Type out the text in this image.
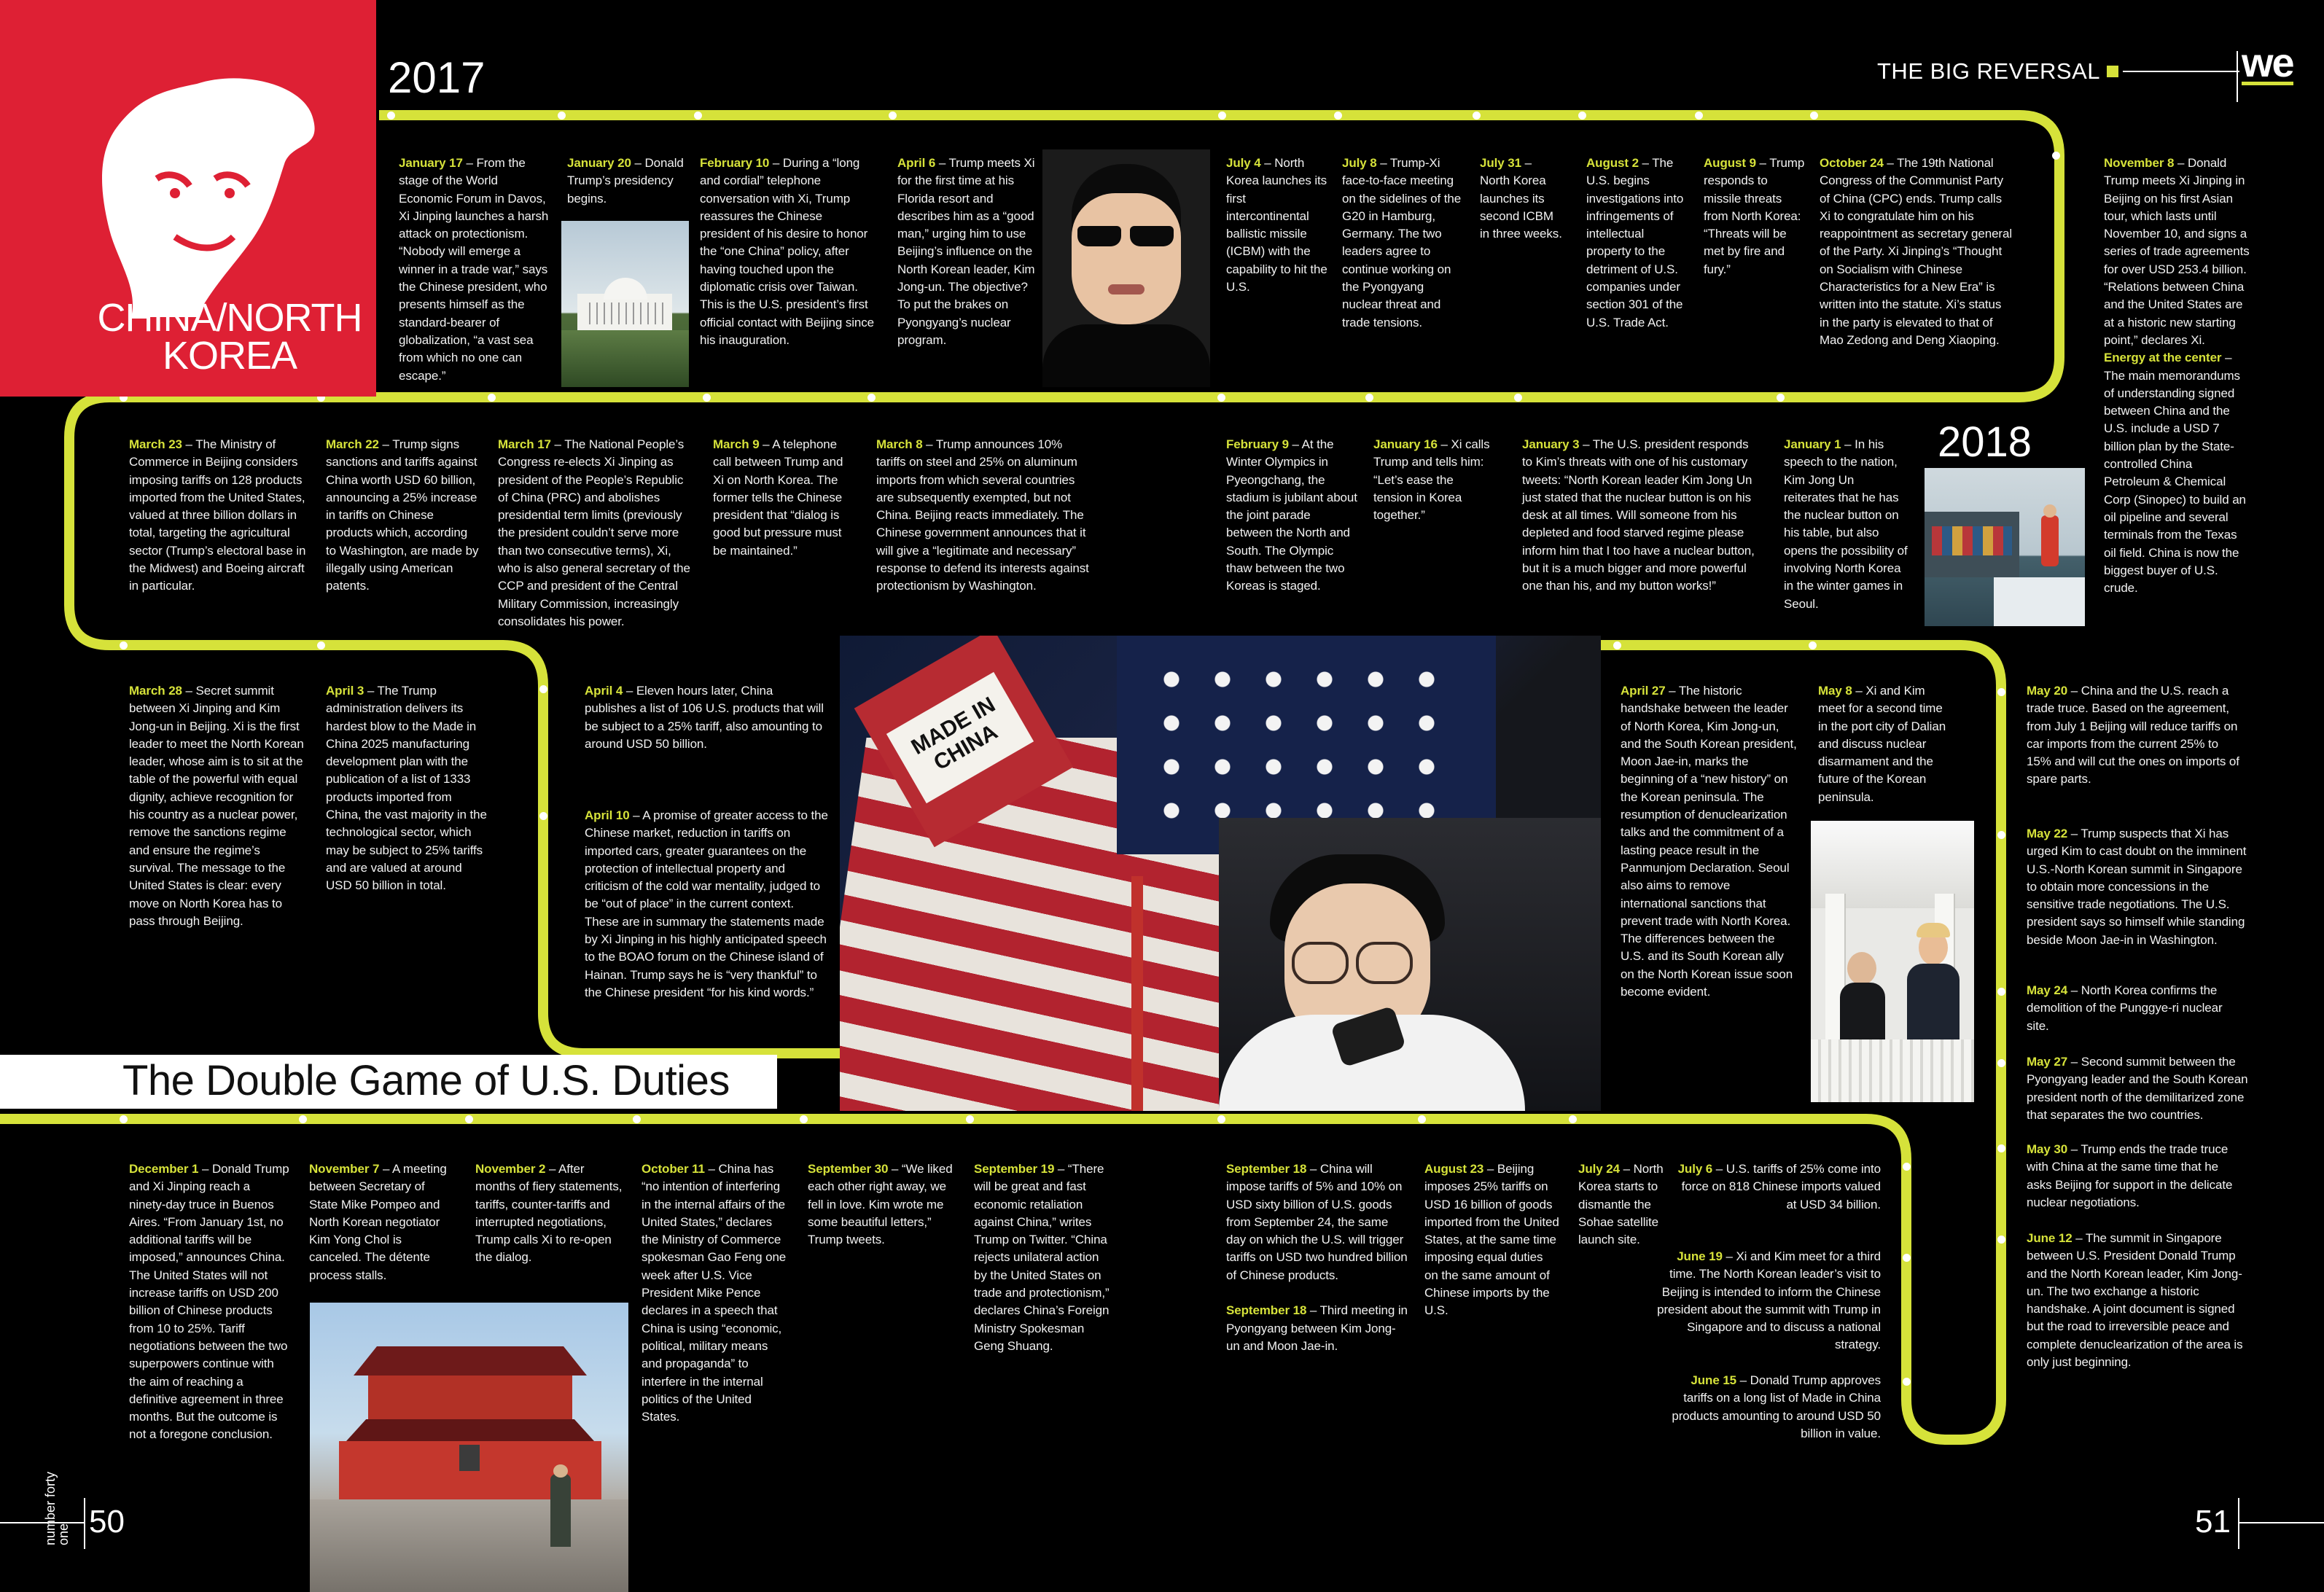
CHINA/NORTH KOREA
2017	THE BIG REVERSAL	we
2018
January 17 – From the stage of the World Economic Forum in Davos, Xi Jinping launches a harsh attack on protectionism. “Nobody will emerge a winner in a trade war,” says the Chinese president, who presents himself as the standard-bearer of globalization, “a vast sea from which no one can escape.”
January 20 – Donald Trump’s presidency begins.
February 10 – During a “long and cordial” telephone conversation with Xi, Trump reassures the Chinese president of his desire to honor the “one China” policy, after having touched upon the diplomatic crisis over Taiwan. This is the U.S. president’s first official contact with Beijing since his inauguration.
April 6 – Trump meets Xi for the first time at his Florida resort and describes him as a “good man,” urging him to use Beijing’s influence on the North Korean leader, Kim Jong-un. The objective? To put the brakes on Pyongyang’s nuclear program.
July 4 – North Korea launches its first intercontinental ballistic missile (ICBM) with the capability to hit the U.S.
July 8 – Trump-Xi face-to-face meeting on the sidelines of the G20 in Hamburg, Germany. The two leaders agree to continue working on the Pyongyang nuclear threat and trade tensions.
July 31 – North Korea launches its second ICBM in three weeks.
August 2 – The U.S. begins investigations into infringements of intellectual property to the detriment of U.S. companies under section 301 of the U.S. Trade Act.
August 9 – Trump responds to missile threats from North Korea: “Threats will be met by fire and fury.”
October 24 – The 19th National Congress of the Communist Party of China (CPC) ends. Trump calls Xi to congratulate him on his reappointment as secretary general of the Party. Xi Jinping’s “Thought on Socialism with Chinese Characteristics for a New Era” is written into the statute. Xi’s status in the party is elevated to that of Mao Zedong and Deng Xiaoping.
November 8 – Donald Trump meets Xi Jinping in Beijing on his first Asian tour, which lasts until November 10, and signs a series of trade agreements for over USD 253.4 billion. “Relations between China and the United States are at a historic new starting point,” declares Xi. Energy at the center – The main memorandums of understanding signed between China and the U.S. include a USD 7 billion plan by the State-controlled China Petroleum & Chemical Corp (Sinopec) to build an oil pipeline and several terminals from the Texas oil field. China is now the biggest buyer of U.S. crude.
March 23 – The Ministry of Commerce in Beijing considers imposing tariffs on 128 products imported from the United States, valued at three billion dollars in total, targeting the agricultural sector (Trump’s electoral base in the Midwest) and Boeing aircraft in particular.
March 22 – Trump signs sanctions and tariffs against China worth USD 60 billion, announcing a 25% increase in tariffs on Chinese products which, according to Washington, are made by illegally using American patents.
March 17 – The National People’s Congress re-elects Xi Jinping as president of the People’s Republic of China (PRC) and abolishes presidential term limits (previously the president couldn’t serve more than two consecutive terms), Xi, who is also general secretary of the CCP and president of the Central Military Commission, increasingly consolidates his power.
March 9 – A telephone call between Trump and Xi on North Korea. The former tells the Chinese president that “dialog is good but pressure must be maintained.”
March 8 – Trump announces 10% tariffs on steel and 25% on aluminum imports from which several countries are subsequently exempted, but not China. Beijing reacts immediately. The Chinese government announces that it will give a “legitimate and necessary” response to defend its interests against protectionism by Washington.
February 9 – At the Winter Olympics in Pyeongchang, the stadium is jubilant about the joint parade between the North and South. The Olympic thaw between the two Koreas is staged.
January 16 – Xi calls Trump and tells him: “Let’s ease the tension in Korea together.”
January 3 – The U.S. president responds to Kim’s threats with one of his customary tweets: “North Korean leader Kim Jong Un just stated that the nuclear button is on his desk at all times. Will someone from his depleted and food starved regime please inform him that I too have a nuclear button, but it is a much bigger and more powerful one than his, and my button works!”
January 1 – In his speech to the nation, Kim Jong Un reiterates that he has the nuclear button on his table, but also opens the possibility of involving North Korea in the winter games in Seoul.
March 28 – Secret summit between Xi Jinping and Kim Jong-un in Beijing. Xi is the first leader to meet the North Korean leader, whose aim is to sit at the table of the powerful with equal dignity, achieve recognition for his country as a nuclear power, remove the sanctions regime and ensure the regime’s survival. The message to the United States is clear: every move on North Korea has to pass through Beijing.
April 3 – The Trump administration delivers its hardest blow to the Made in China 2025 manufacturing development plan with the publication of a list of 1333 products imported from China, the vast majority in the technological sector, which may be subject to 25% tariffs and are valued at around USD 50 billion in total.
April 4 – Eleven hours later, China publishes a list of 106 U.S. products that will be subject to a 25% tariff, also amounting to around USD 50 billion.
April 10 – A promise of greater access to the Chinese market, reduction in tariffs on imported cars, greater guarantees on the protection of intellectual property and criticism of the cold war mentality, judged to be “out of place” in the current context. These are in summary the statements made by Xi Jinping in his highly anticipated speech to the BOAO forum on the Chinese island of Hainan. Trump says he is “very thankful” to the Chinese president “for his kind words.”
April 27 – The historic handshake between the leader of North Korea, Kim Jong-un, and the South Korean president, Moon Jae-in, marks the beginning of a “new history” on the Korean peninsula. The resumption of denuclearization talks and the commitment of a lasting peace result in the Panmunjom Declaration. Seoul also aims to remove international sanctions that prevent trade with North Korea. The differences between the U.S. and its South Korean ally on the North Korean issue soon become evident.
May 8 – Xi and Kim meet for a second time in the port city of Dalian and discuss nuclear disarmament and the future of the Korean peninsula.
May 20 – China and the U.S. reach a trade truce. Based on the agreement, from July 1 Beijing will reduce tariffs on car imports from the current 25% to 15% and will cut the ones on imports of spare parts.
May 22 – Trump suspects that Xi has urged Kim to cast doubt on the imminent U.S.-North Korean summit in Singapore to obtain more concessions in the sensitive trade negotiations. The U.S. president says so himself while standing beside Moon Jae-in in Washington.
May 24 – North Korea confirms the demolition of the Punggye-ri nuclear site.
May 27 – Second summit between the Pyongyang leader and the South Korean president north of the demilitarized zone that separates the two countries.
May 30 – Trump ends the trade truce with China at the same time that he asks Beijing for support in the delicate nuclear negotiations.
June 12 – The summit in Singapore between U.S. President Donald Trump and the North Korean leader, Kim Jong-un. The two exchange a historic handshake. A joint document is signed but the road to irreversible peace and complete denuclearization of the area is only just beginning.
The Double Game of U.S. Duties
December 1 – Donald Trump and Xi Jinping reach a ninety-day truce in Buenos Aires. “From January 1st, no additional tariffs will be imposed,” announces China. The United States will not increase tariffs on USD 200 billion of Chinese products from 10 to 25%. Tariff negotiations between the two superpowers continue with the aim of reaching a definitive agreement in three months. But the outcome is not a foregone conclusion.
November 7 – A meeting between Secretary of State Mike Pompeo and North Korean negotiator Kim Yong Chol is canceled. The détente process stalls.
November 2 – After months of fiery statements, tariffs, counter-tariffs and interrupted negotiations, Trump calls Xi to re-open the dialog.
October 11 – China has “no intention of interfering in the internal affairs of the United States,” declares the Ministry of Commerce spokesman Gao Feng one week after U.S. Vice President Mike Pence declares in a speech that China is using “economic, political, military means and propaganda” to interfere in the internal politics of the United States.
September 30 – “We liked each other right away, we fell in love. Kim wrote me some beautiful letters,” Trump tweets.
September 19 – “There will be great and fast economic retaliation against China,” writes Trump on Twitter. “China rejects unilateral action by the United States on trade and protectionism,” declares China’s Foreign Ministry Spokesman Geng Shuang.
September 18 – China will impose tariffs of 5% and 10% on USD sixty billion of U.S. goods from September 24, the same day on which the U.S. will trigger tariffs on USD two hundred billion of Chinese products.

September 18 – Third meeting in Pyongyang between Kim Jong-un and Moon Jae-in.
August 23 – Beijing imposes 25% tariffs on USD 16 billion of goods imported from the United States, at the same time imposing equal duties on the same amount of Chinese imports by the U.S.
July 24 – North Korea starts to dismantle the Sohae satellite launch site.
July 6 – U.S. tariffs of 25% come into force on 818 Chinese imports valued at USD 34 billion.
June 19 – Xi and Kim meet for a third time. The North Korean leader’s visit to Beijing is intended to inform the Chinese president about the summit with Trump in Singapore and to discuss a national strategy.
June 15 – Donald Trump approves tariffs on a long list of Made in China products amounting to around USD 50 billion in value.
MADE IN CHINA
50
number forty one	51
